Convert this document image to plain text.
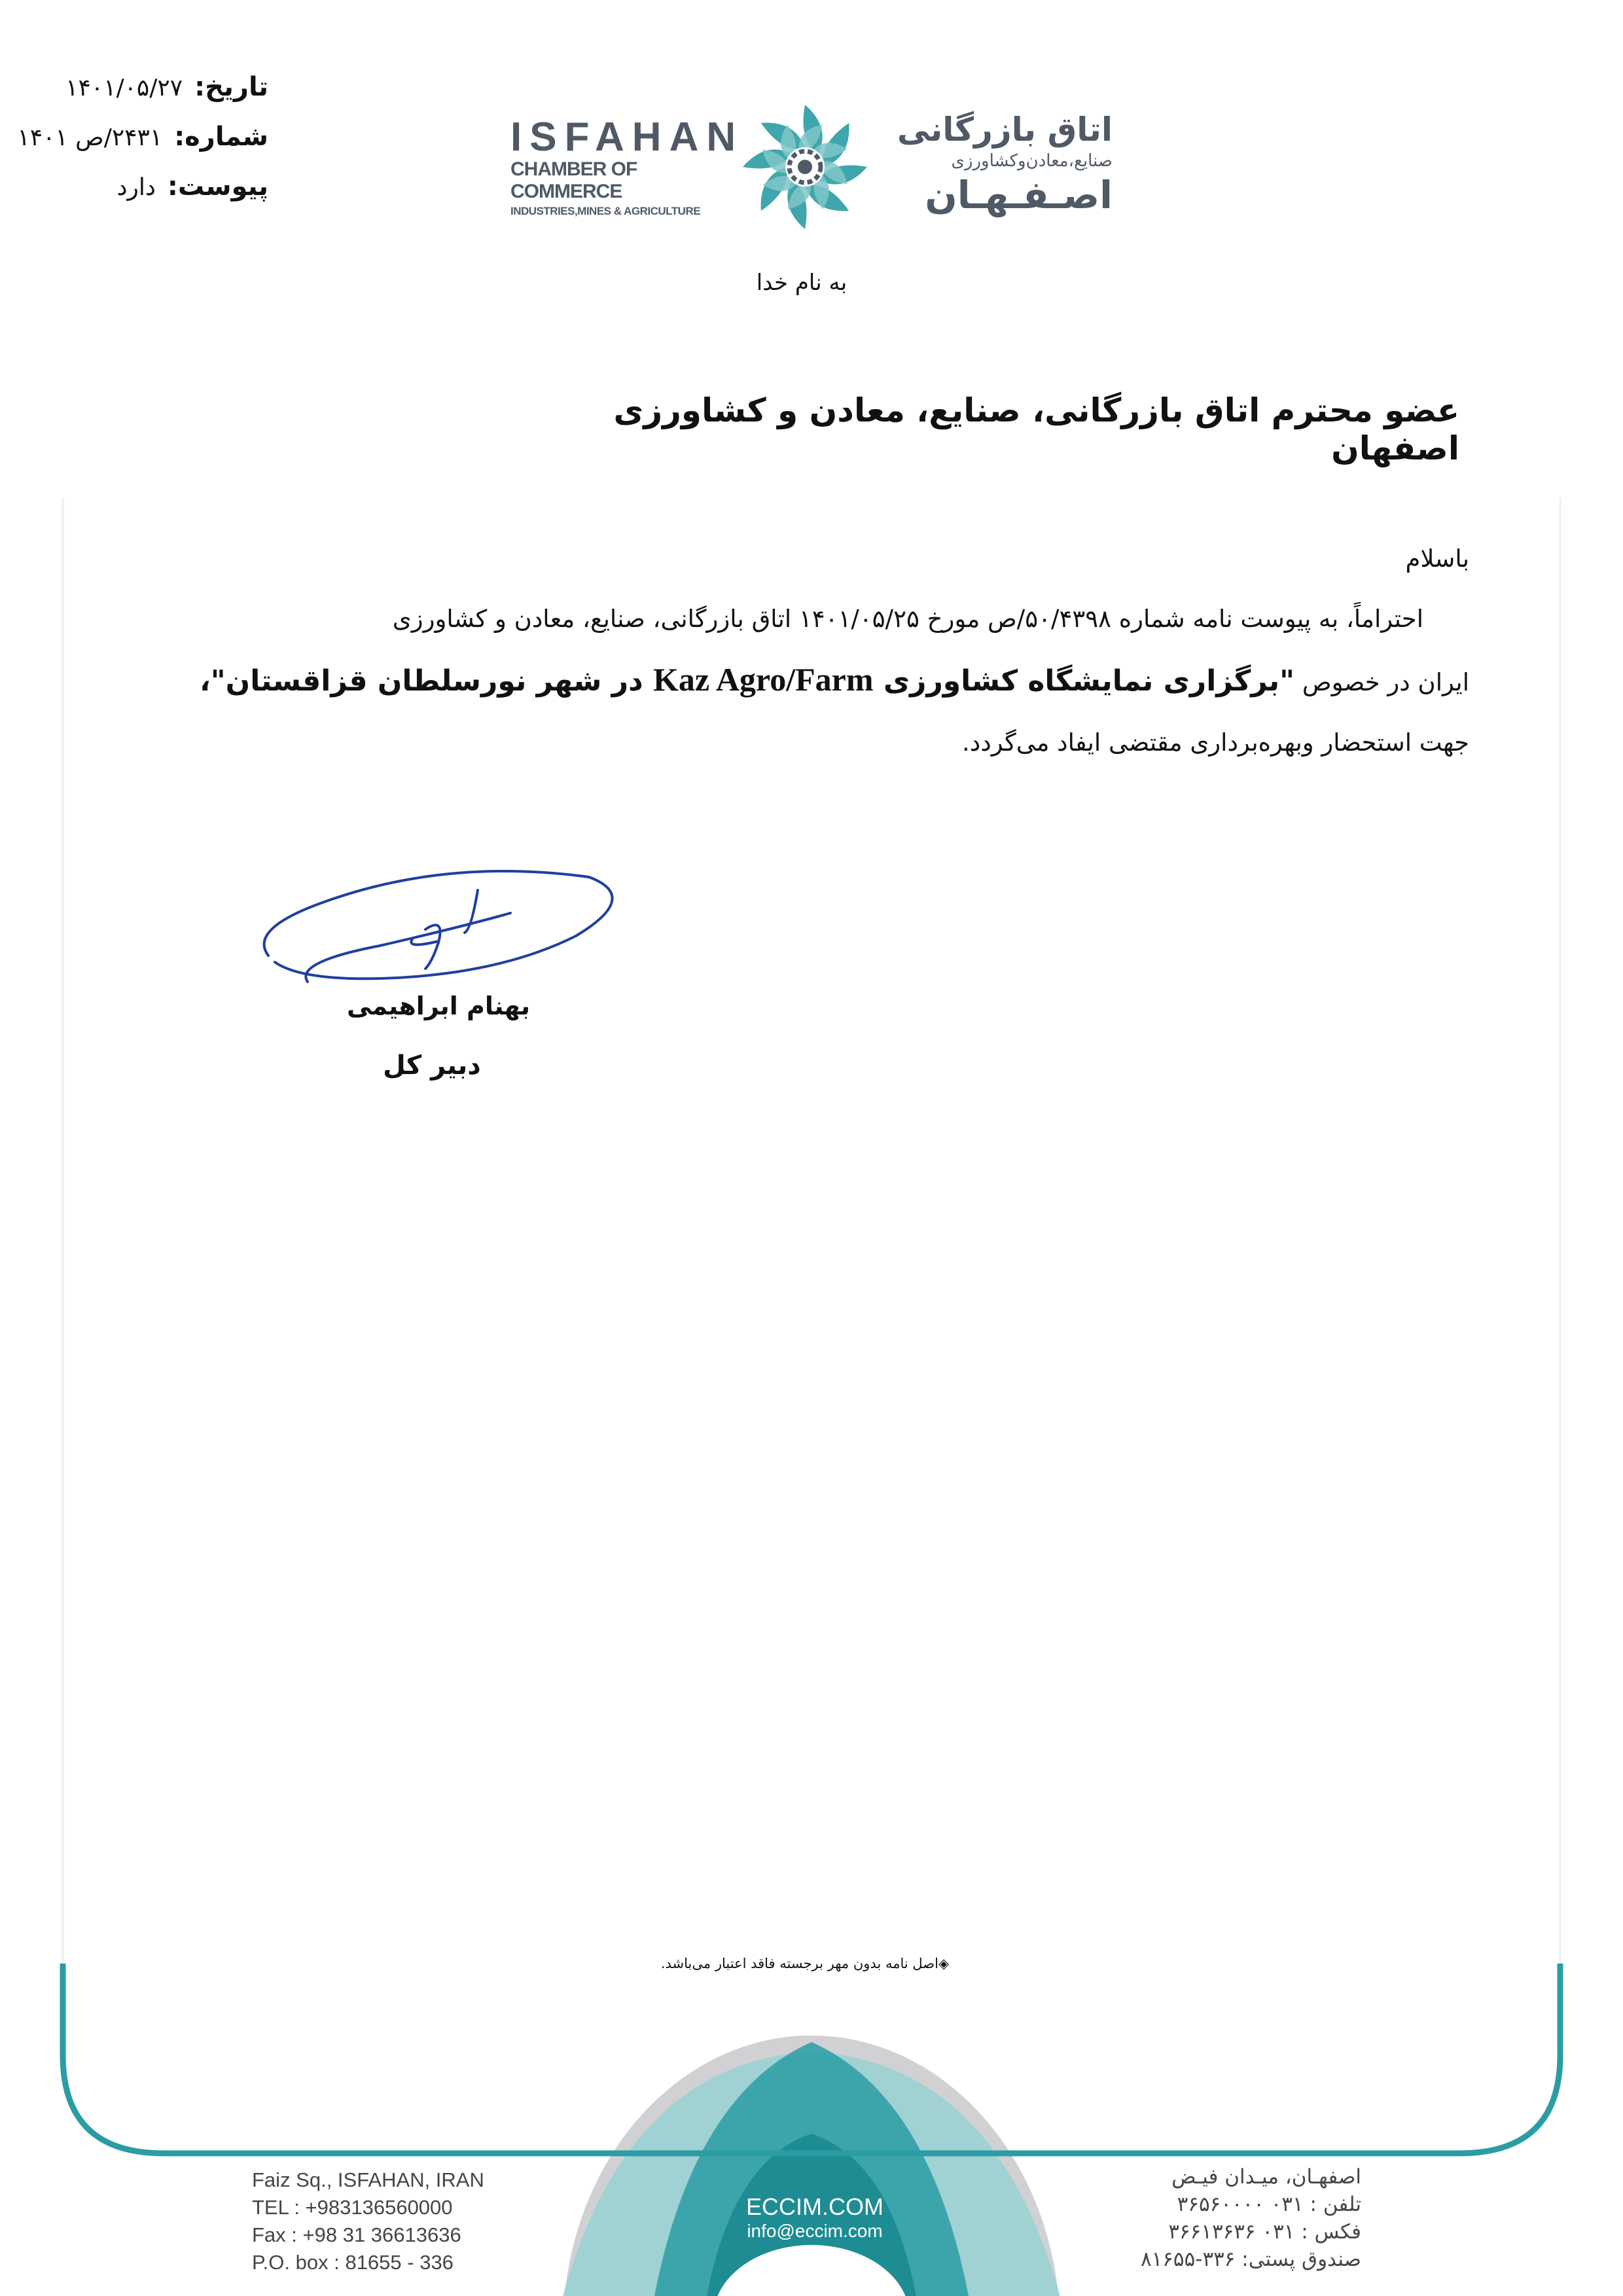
تاریخ:
۱۴۰۱/۰۵/۲۷
شماره:
۲۴۳۱/ص ۱۴۰۱
پیوست:
دارد
ISFAHAN
CHAMBER OF COMMERCE
INDUSTRIES,MINES & AGRICULTURE
اتاق بازرگانی
صنایع،معادن‌وکشاورزی
اصـفـهـان
به نام خدا
عضو محترم اتاق بازرگانی، صنایع، معادن و کشاورزی اصفهان

باسلام

احتراماً، به پیوست نامه شماره ۵۰/۴۳۹۸/ص مورخ ۱۴۰۱/۰۵/۲۵ اتاق بازرگانی، صنایع، معادن و کشاورزی

ایران در خصوص "برگزاری نمایشگاه کشاورزی Kaz Agro/Farm در شهر نورسلطان قزاقستان"،

جهت استحضار وبهره‌برداری مقتضی ایفاد می‌گردد.

بهنام ابراهیمی
دبیر کل
◈اصل نامه بدون مهر برجسته فاقد اعتبار می‌باشد.
Faiz Sq., ISFAHAN, IRAN
TEL : +983136560000
Fax : +98 31 36613636
P.O. box : 81655 - 336
ECCIM.COM
info@eccim.com
اصفهـان، میـدان فیـض
تلفن : ۰۳۱ ۳۶۵۶۰۰۰۰
فکس : ۰۳۱ ۳۶۶۱۳۶۳۶
صندوق پستی: ۳۳۶-۸۱۶۵۵
